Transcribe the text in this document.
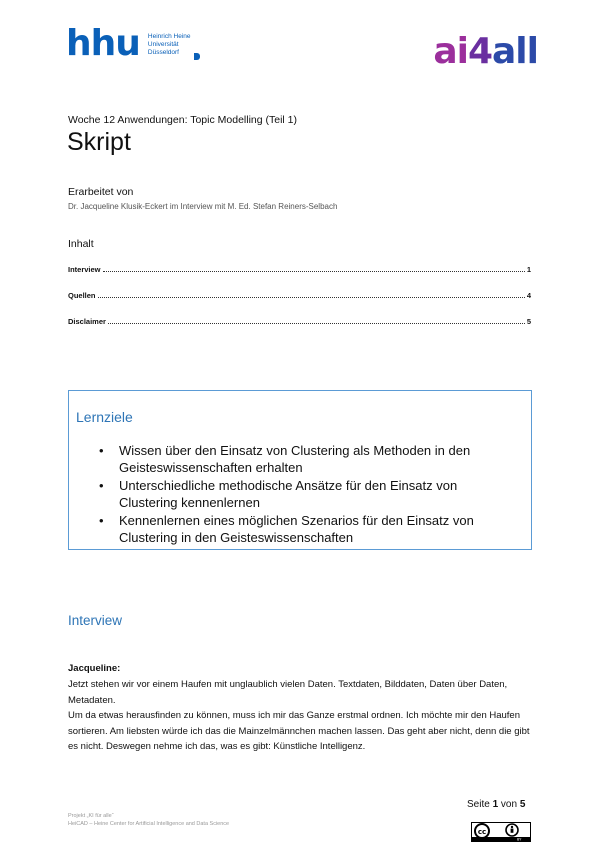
hhu Heinrich Heine
Universität
Düsseldorf	ai4all
Woche 12 Anwendungen: Topic Modelling (Teil 1)
Skript
Erarbeitet von
Dr. Jacqueline Klusik-Eckert im Interview mit M. Ed. Stefan Reiners-Selbach
Inhalt
Interview	1
Quellen	4
Disclaimer	5
Lernziele
• Wissen über den Einsatz von Clustering als Methoden in den Geisteswissenschaften erhalten
• Unterschiedliche methodische Ansätze für den Einsatz von Clustering kennenlernen
• Kennenlernen eines möglichen Szenarios für den Einsatz von Clustering in den Geisteswissenschaften
Interview
Jacqueline:
Jetzt stehen wir vor einem Haufen mit unglaublich vielen Daten. Textdaten, Bilddaten, Daten über Daten, Metadaten.
Um da etwas herausfinden zu können, muss ich mir das Ganze erstmal ordnen. Ich möchte mir den Haufen sortieren. Am liebsten würde ich das die Mainzelmännchen machen lassen. Das geht aber nicht, denn die gibt es nicht. Deswegen nehme ich das, was es gibt: Künstliche Intelligenz.
Seite 1 von 5
Projekt „KI für alle“
HeiCAD – Heine Center for Artificial Intelligence and Data Science
cc
BY
